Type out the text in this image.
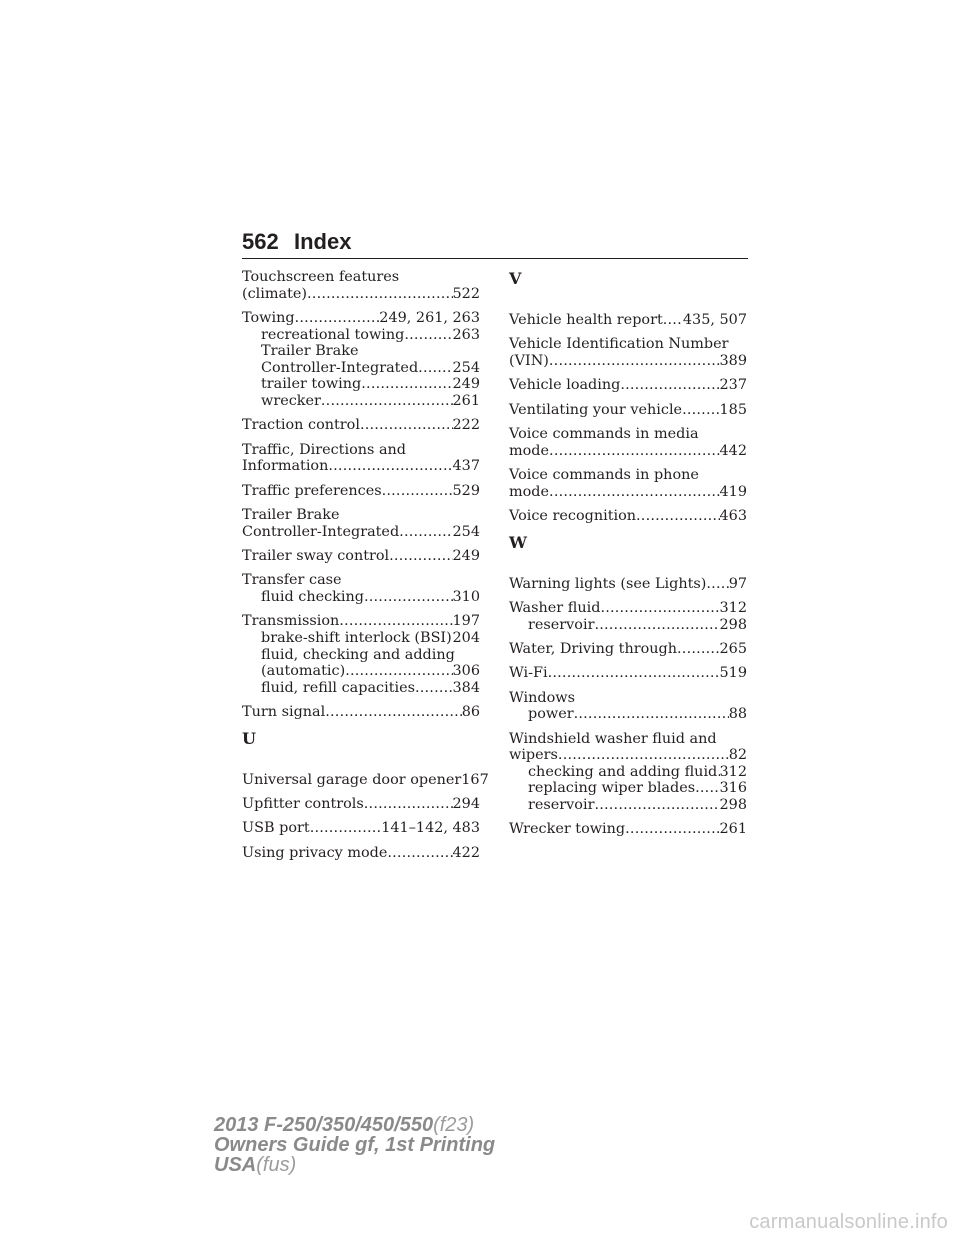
562 Index
Touchscreen features
(climate) .....	522
Towing .....	249, 261, 263
recreational towing .....	263
Trailer Brake
Controller-Integrated ..... 254
trailer towing .....	249
wrecker .....	261
Traction control .....	222
Traffic, Directions and
Information .....	437
Traffic preferences .....	529
Trailer Brake
Controller-Integrated .....	254
Trailer sway control .....	249
Transfer case
fluid checking .....	310
Transmission .....	197
brake-shift interlock (BSI) ..... 204
fluid, checking and adding
(automatic) .....	306
fluid, refill capacities .....	384
Turn signal .....	86
U
Universal garage door opener 167
Upfitter controls .....	294
USB port .....	141–142, 483
Using privacy mode .....	422
V
Vehicle health report ..... 435, 507
Vehicle Identification Number
(VIN) .....	389
Vehicle loading .....	237
Ventilating your vehicle .....	185
Voice commands in media
mode .....	442
Voice commands in phone
mode .....	419
Voice recognition .....	463
W
Warning lights (see Lights) ..... 97
Washer fluid .....	312
reservoir .....	298
Water, Driving through .....	265
Wi-Fi .....	519
Windows
power .....	88
Windshield washer fluid and
wipers .....	82
checking and adding fluid ..... 312
replacing wiper blades ..... 316
reservoir .....	298
Wrecker towing .....	261
2013 F-250/350/450/550(f23)
Owners Guide gf, 1st Printing
USA(fus)
carmanualsonline.info
